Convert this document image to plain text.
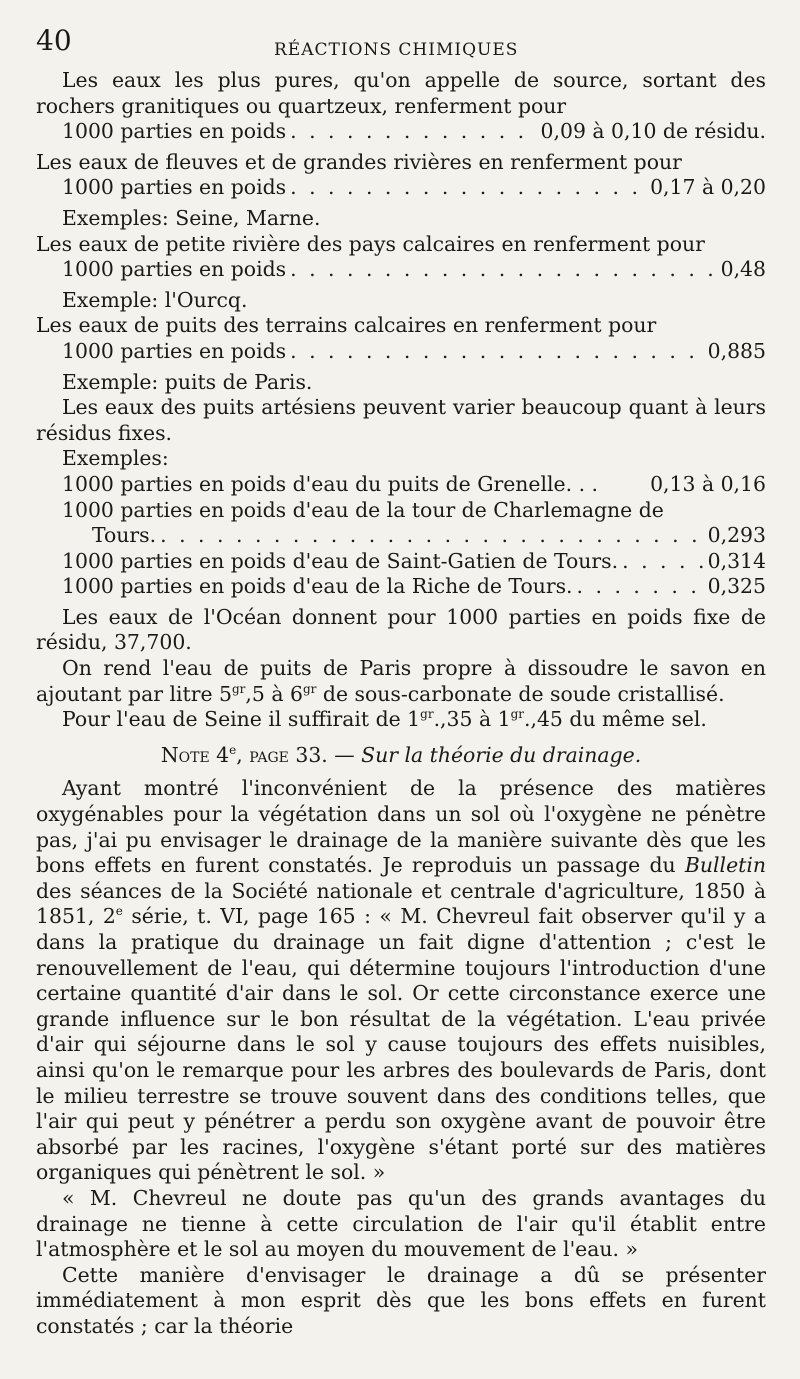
40	RÉACTIONS CHIMIQUES

Les eaux les plus pures, qu'on appelle de source, sortant des rochers granitiques ou quartzeux, renferment pour

1000 parties en poids . . .	0,09 à 0,10 de résidu.

Les eaux de fleuves et de grandes rivières en renferment pour

1000 parties en poids . . .	0,17 à 0,20

Exemples: Seine, Marne.

Les eaux de petite rivière des pays calcaires en renferment pour

1000 parties en poids . . .	0,48

Exemple: l'Ourcq.

Les eaux de puits des terrains calcaires en renferment pour

1000 parties en poids . . .	0,885

Exemple: puits de Paris.

Les eaux des puits artésiens peuvent varier beaucoup quant à leurs résidus fixes.

Exemples:

1000 parties en poids d'eau du puits de Grenelle. . .	0,13 à 0,16

1000 parties en poids d'eau de la tour de Charlemagne de

Tours. . . .	0,293
1000 parties en poids d'eau de Saint-Gatien de Tours. . . .	0,314
1000 parties en poids d'eau de la Riche de Tours. . . .	0,325

Les eaux de l'Océan donnent pour 1000 parties en poids fixe de résidu, 37,700.

On rend l'eau de puits de Paris propre à dissoudre le savon en ajoutant par litre $5^{gr},5$ à $6^{gr}$ de sous-carbonate de soude cristallisé.

Pour l'eau de Seine il suffirait de $1^{gr}.,35$ à $1^{gr}.,45$ du même sel.

Note 4e, page 33. — Sur la théorie du drainage.

Ayant montré l'inconvénient de la présence des matières oxygénables pour la végétation dans un sol où l'oxygène ne pénètre pas, j'ai pu envisager le drainage de la manière suivante dès que les bons effets en furent constatés. Je reproduis un passage du Bulletin des séances de la Société nationale et centrale d'agriculture, 1850 à 1851, 2e série, t. VI, page 165 : « M. Chevreul fait observer qu'il y a dans la pratique du drainage un fait digne d'attention ; c'est le renouvellement de l'eau, qui détermine toujours l'introduction d'une certaine quantité d'air dans le sol. Or cette circonstance exerce une grande influence sur le bon résultat de la végétation. L'eau privée d'air qui séjourne dans le sol y cause toujours des effets nuisibles, ainsi qu'on le remarque pour les arbres des boulevards de Paris, dont le milieu terrestre se trouve souvent dans des conditions telles, que l'air qui peut y pénétrer a perdu son oxygène avant de pouvoir être absorbé par les racines, l'oxygène s'étant porté sur des matières organiques qui pénètrent le sol. »

« M. Chevreul ne doute pas qu'un des grands avantages du drainage ne tienne à cette circulation de l'air qu'il établit entre l'atmosphère et le sol au moyen du mouvement de l'eau. »

Cette manière d'envisager le drainage a dû se présenter immédiatement à mon esprit dès que les bons effets en furent constatés ; car la théorie
